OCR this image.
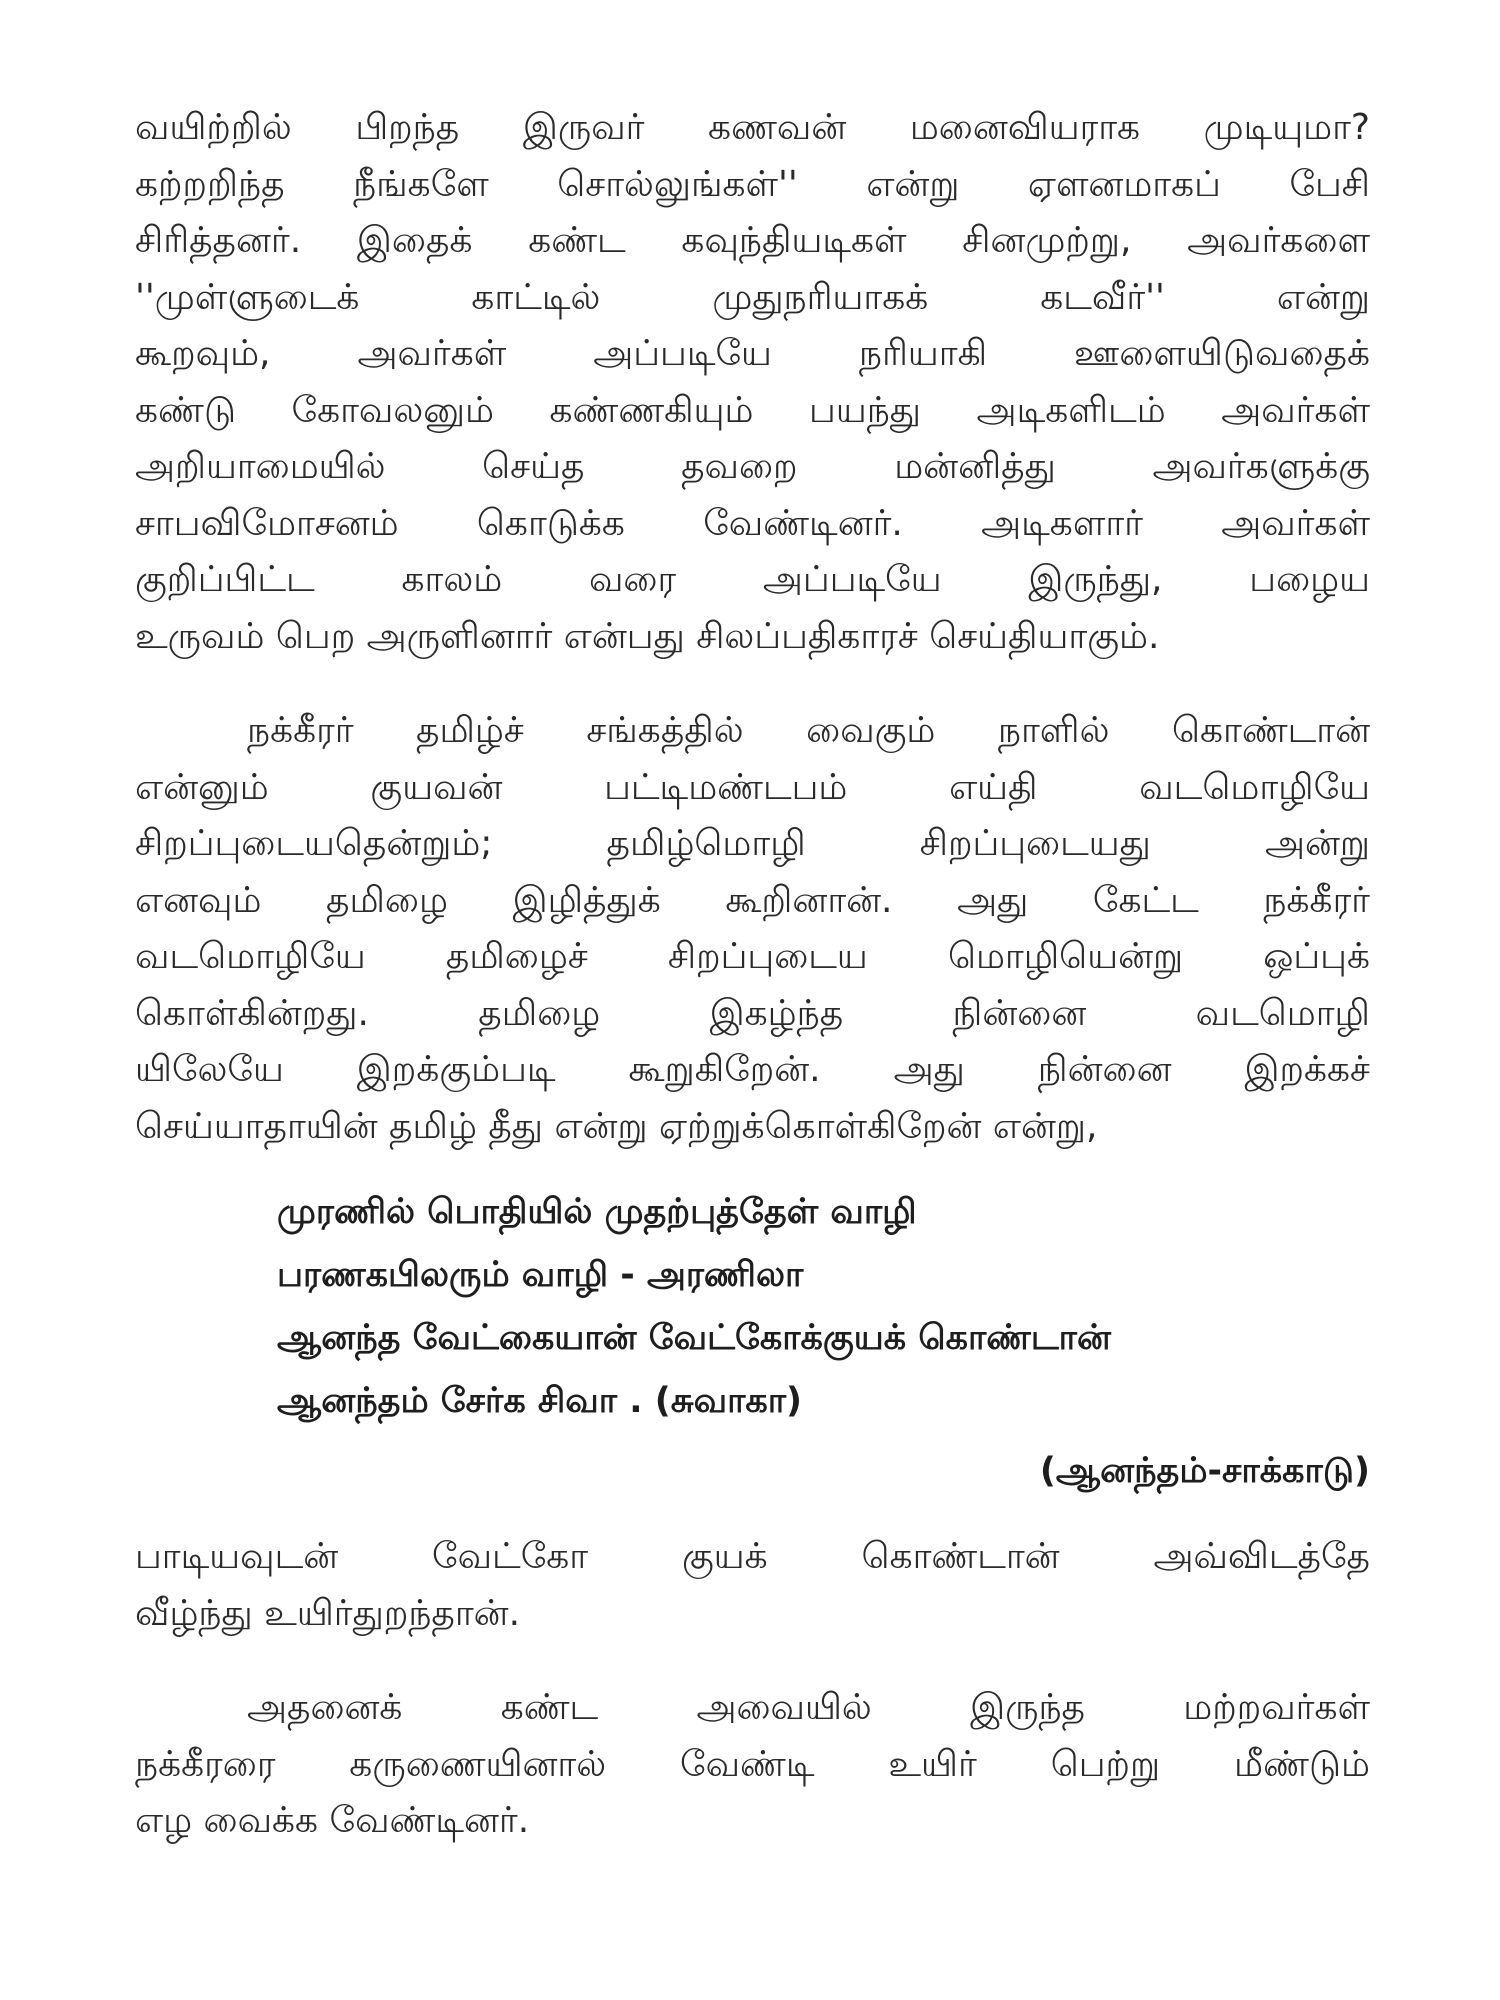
வயிற்றில் பிறந்த இருவர் கணவன் மனைவியராக முடியுமா?
கற்றறிந்த நீங்களே சொல்லுங்கள்'' என்று ஏளனமாகப் பேசி
சிரித்தனர். இதைக் கண்ட கவுந்தியடிகள் சினமுற்று, அவர்களை
''முள்ளுடைக் காட்டில் முதுநரியாகக் கடவீர்'' என்று
கூறவும், அவர்கள் அப்படியே நரியாகி ஊளையிடுவதைக்
கண்டு கோவலனும் கண்ணகியும் பயந்து அடிகளிடம் அவர்கள்
அறியாமையில் செய்த தவறை மன்னித்து அவர்களுக்கு
சாபவிமோசனம் கொடுக்க வேண்டினர். அடிகளார் அவர்கள்
குறிப்பிட்ட காலம் வரை அப்படியே இருந்து, பழைய
உருவம் பெற அருளினார் என்பது சிலப்பதிகாரச் செய்தியாகும்.

நக்கீரர் தமிழ்ச் சங்கத்தில் வைகும் நாளில் கொண்டான்
என்னும் குயவன் பட்டிமண்டபம் எய்தி வடமொழியே
சிறப்புடையதென்றும்; தமிழ்மொழி சிறப்புடையது அன்று
எனவும் தமிழை இழித்துக் கூறினான். அது கேட்ட நக்கீரர்
வடமொழியே தமிழைச் சிறப்புடைய மொழியென்று ஒப்புக்
கொள்கின்றது. தமிழை இகழ்ந்த நின்னை வடமொழி
யிலேயே இறக்கும்படி கூறுகிறேன். அது நின்னை இறக்கச்
செய்யாதாயின் தமிழ் தீது என்று ஏற்றுக்கொள்கிறேன் என்று,

முரணில் பொதியில் முதற்புத்தேள் வாழி
பரணகபிலரும் வாழி - அரணிலா
ஆனந்த வேட்கையான் வேட்கோக்குயக் கொண்டான்
ஆனந்தம் சேர்க சிவா . (சுவாகா)
(ஆனந்தம்-சாக்காடு)

பாடியவுடன் வேட்கோ குயக் கொண்டான் அவ்விடத்தே
வீழ்ந்து உயிர்துறந்தான்.

அதனைக் கண்ட அவையில் இருந்த மற்றவர்கள்
நக்கீரரை கருணையினால் வேண்டி உயிர் பெற்று மீண்டும்
எழ வைக்க வேண்டினர்.
